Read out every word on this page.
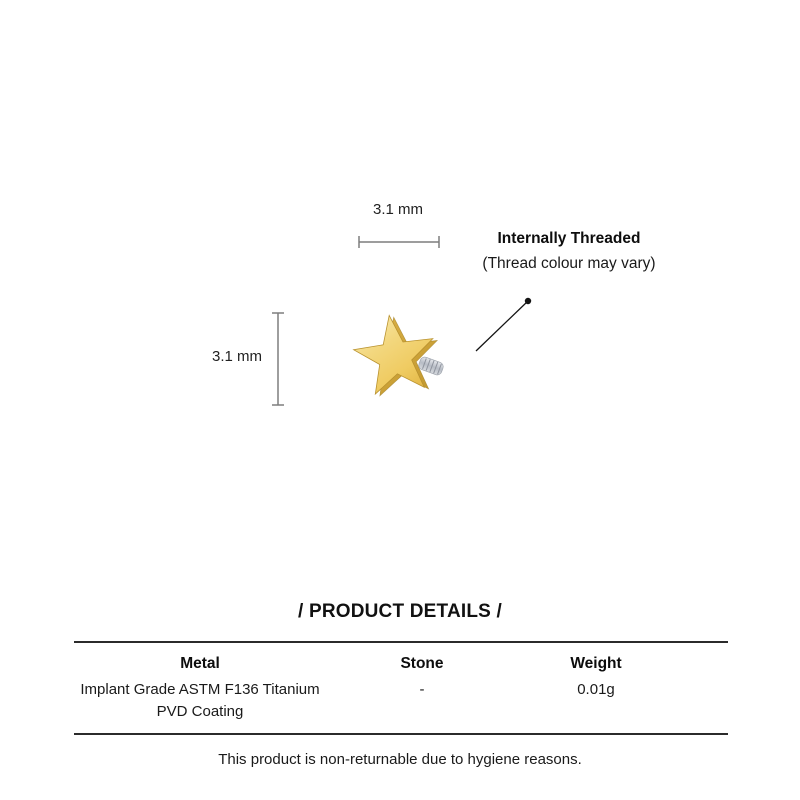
3.1 mm
Internally Threaded
(Thread colour may vary)
3.1 mm
/ PRODUCT DETAILS /
Metal
Implant Grade ASTM F136 Titanium
PVD Coating
Stone
-
Weight
0.01g
This product is non-returnable due to hygiene reasons.
